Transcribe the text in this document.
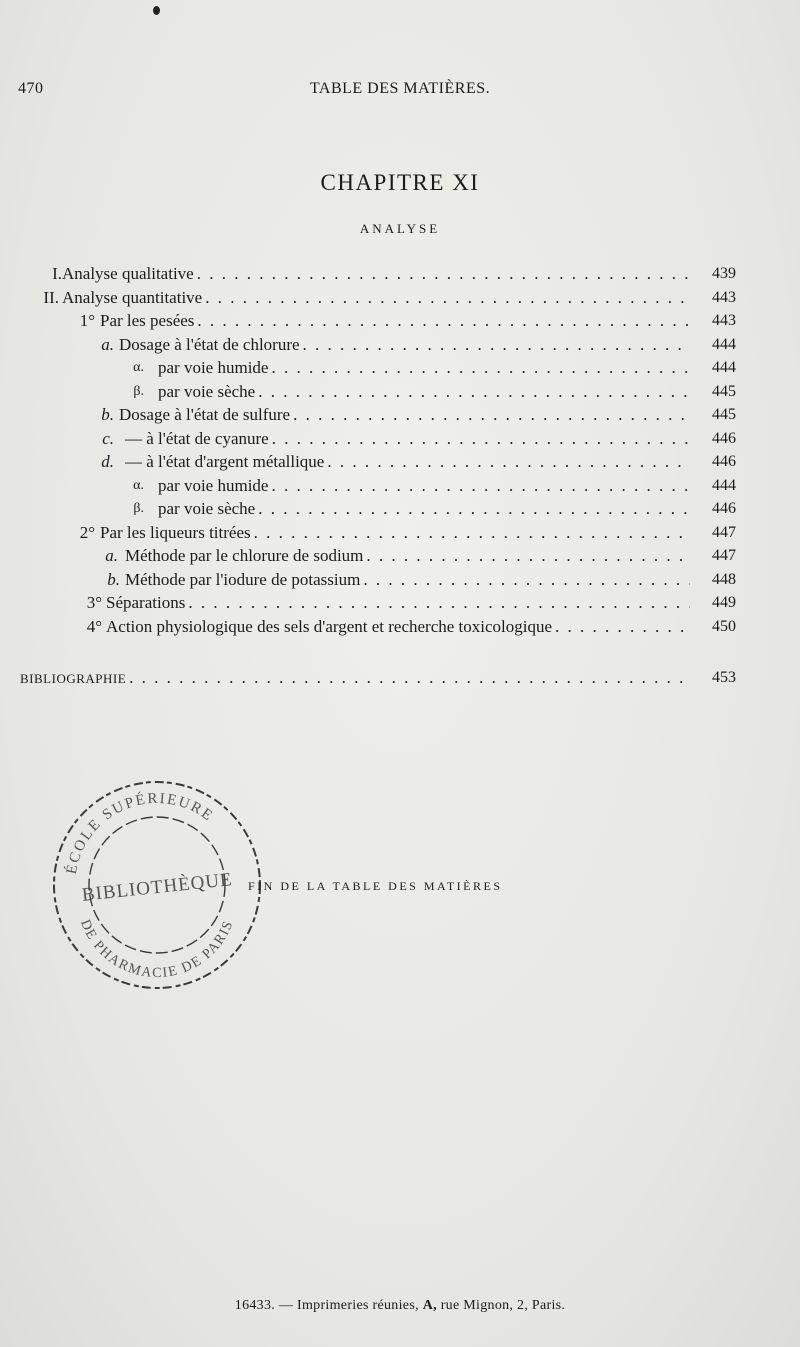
470	TABLE DES MATIÈRES.
CHAPITRE XI
ANALYSE
I. Analyse qualitative . . .	439
II. Analyse quantitative . . .	443
1° Par les pesées . . .	443
a. Dosage à l'état de chlorure . . .	444
α. par voie humide . . .	444
β. par voie sèche . . .	445
b. Dosage à l'état de sulfure . . .	445
c. — à l'état de cyanure . . .	446
d. — à l'état d'argent métallique . . .	446
α. par voie humide . . .	444
β. par voie sèche . . .	446
2° Par les liqueurs titrées . . .	447
a. Méthode par le chlorure de sodium . . .	447
b. Méthode par l'iodure de potassium . . .	448
3° Séparations . . .	449
4° Action physiologique des sels d'argent et recherche toxicologique . . .	450
BIBLIOGRAPHIE . . .	453
ÉCOLE SUPÉRIEURE
DE PHARMACIE DE PARIS
BIBLIOTHÈQUE FIN DE LA TABLE DES MATIÈRES
16433. — Imprimeries réunies, A, rue Mignon, 2, Paris.
